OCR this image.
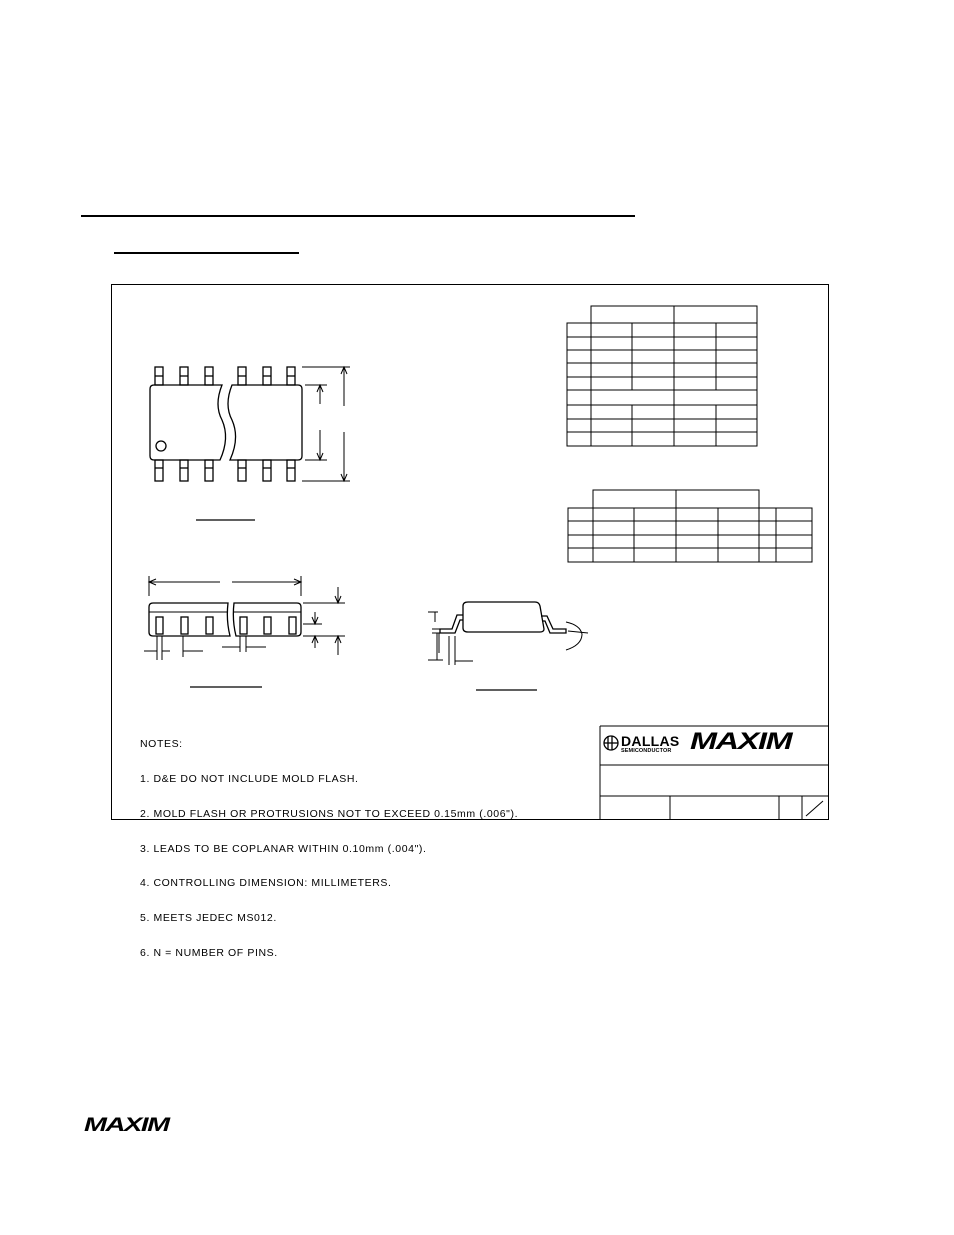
NOTES:

1. D&E DO NOT INCLUDE MOLD FLASH.

2. MOLD FLASH OR PROTRUSIONS NOT TO EXCEED 0.15mm (.006").

3. LEADS TO BE COPLANAR WITHIN 0.10mm (.004").

4. CONTROLLING DIMENSION: MILLIMETERS.

5. MEETS JEDEC MS012.

6. N = NUMBER OF PINS.

DALLAS
SEMICONDUCTOR MAXIM
MAXIM
